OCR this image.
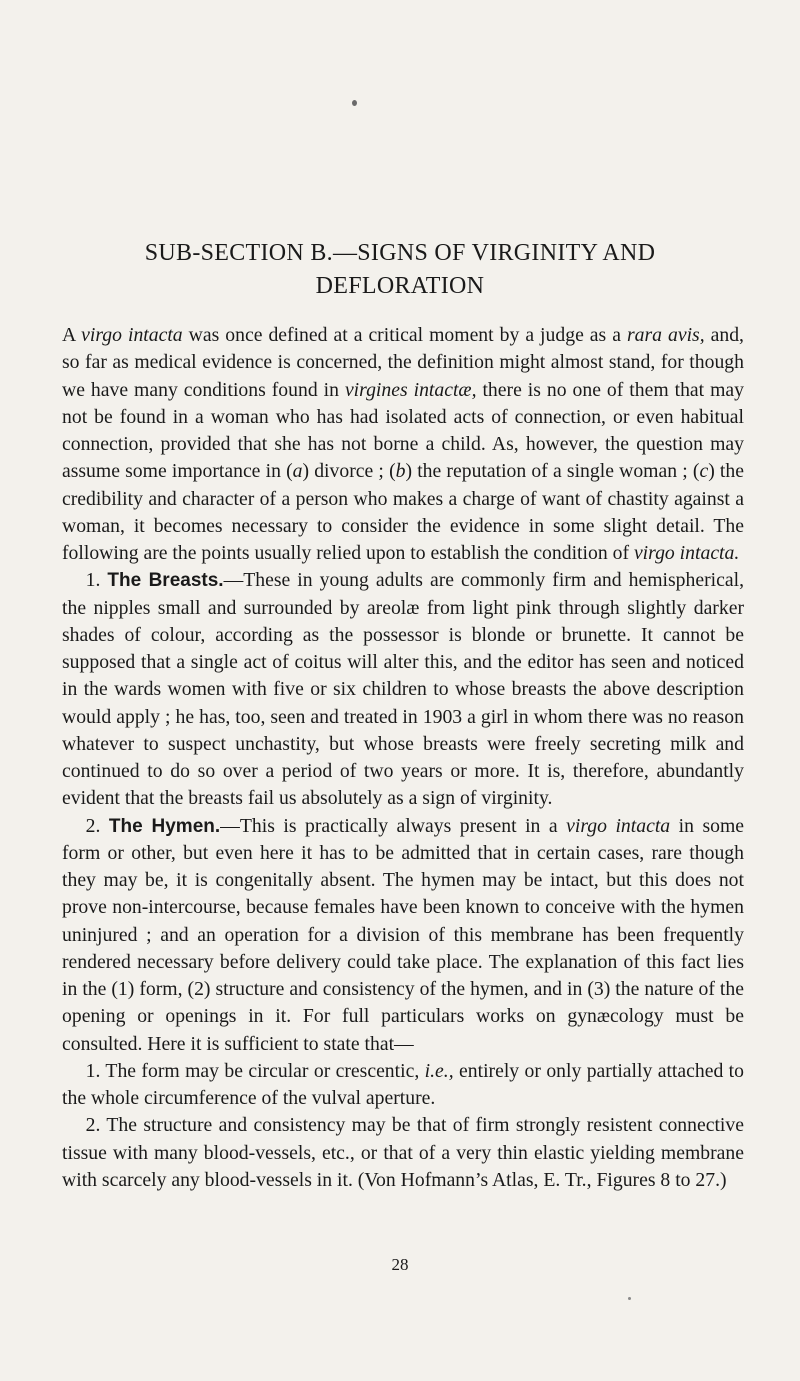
SUB-SECTION B.—SIGNS OF VIRGINITY AND
DEFLORATION

A virgo intacta was once defined at a critical moment by a judge as a rara avis, and, so far as medical evidence is concerned, the definition might almost stand, for though we have many conditions found in virgines intactæ, there is no one of them that may not be found in a woman who has had isolated acts of connection, or even habitual connection, provided that she has not borne a child. As, however, the question may assume some importance in (a) divorce ; (b) the reputation of a single woman ; (c) the credibility and character of a person who makes a charge of want of chastity against a woman, it becomes necessary to consider the evidence in some slight detail. The following are the points usually relied upon to establish the condition of virgo intacta.

1. The Breasts.—These in young adults are commonly firm and hemispherical, the nipples small and surrounded by areolæ from light pink through slightly darker shades of colour, according as the possessor is blonde or brunette. It cannot be supposed that a single act of coitus will alter this, and the editor has seen and noticed in the wards women with five or six children to whose breasts the above description would apply ; he has, too, seen and treated in 1903 a girl in whom there was no reason whatever to suspect unchastity, but whose breasts were freely secreting milk and continued to do so over a period of two years or more. It is, therefore, abundantly evident that the breasts fail us absolutely as a sign of virginity.

2. The Hymen.—This is practically always present in a virgo intacta in some form or other, but even here it has to be admitted that in certain cases, rare though they may be, it is congenitally absent. The hymen may be intact, but this does not prove non-intercourse, because females have been known to conceive with the hymen uninjured ; and an operation for a division of this membrane has been frequently rendered necessary before delivery could take place. The explanation of this fact lies in the (1) form, (2) structure and consistency of the hymen, and in (3) the nature of the opening or openings in it. For full particulars works on gynæcology must be consulted. Here it is sufficient to state that—

1. The form may be circular or crescentic, i.e., entirely or only partially attached to the whole circumference of the vulval aperture.

2. The structure and consistency may be that of firm strongly resistent connective tissue with many blood-vessels, etc., or that of a very thin elastic yielding membrane with scarcely any blood-vessels in it. (Von Hofmann’s Atlas, E. Tr., Figures 8 to 27.)

28
